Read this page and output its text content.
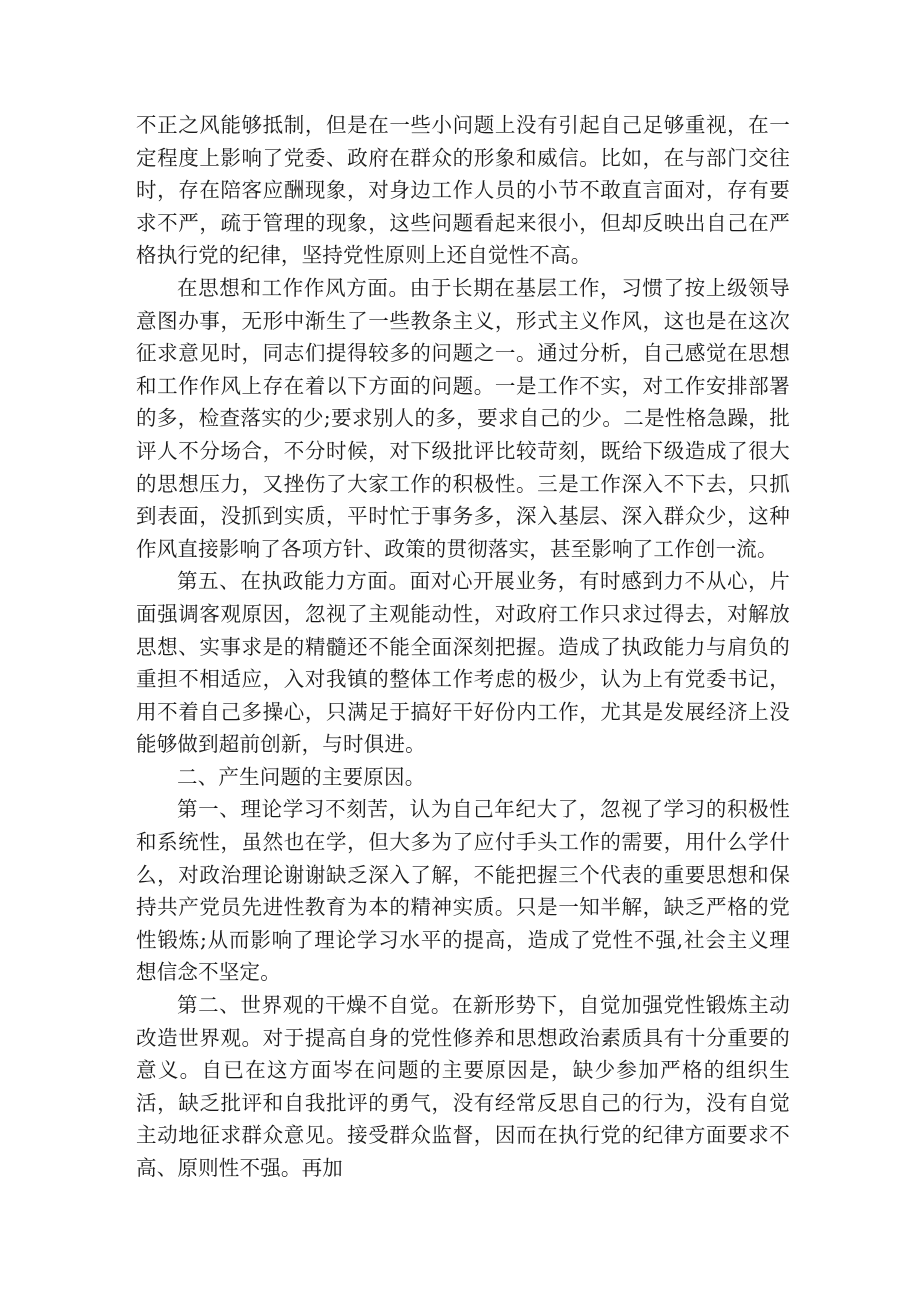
不正之风能够抵制，但是在一些小问题上没有引起自己足够重视，在一定程度上影响了党委、政府在群众的形象和威信。比如，在与部门交往时，存在陪客应酬现象，对身边工作人员的小节不敢直言面对，存有要求不严，疏于管理的现象，这些问题看起来很小，但却反映出自己在严格执行党的纪律，坚持党性原则上还自觉性不高。

在思想和工作作风方面。由于长期在基层工作，习惯了按上级领导意图办事，无形中渐生了一些教条主义，形式主义作风，这也是在这次征求意见时，同志们提得较多的问题之一。通过分析，自己感觉在思想和工作作风上存在着以下方面的问题。一是工作不实，对工作安排部署的多，检查落实的少;要求别人的多，要求自己的少。二是性格急躁，批评人不分场合，不分时候，对下级批评比较苛刻，既给下级造成了很大的思想压力，又挫伤了大家工作的积极性。三是工作深入不下去，只抓到表面，没抓到实质，平时忙于事务多，深入基层、深入群众少，这种作风直接影响了各项方针、政策的贯彻落实，甚至影响了工作创一流。

第五、在执政能力方面。面对心开展业务，有时感到力不从心，片面强调客观原因，忽视了主观能动性，对政府工作只求过得去，对解放思想、实事求是的精髓还不能全面深刻把握。造成了执政能力与肩负的重担不相适应，入对我镇的整体工作考虑的极少，认为上有党委书记，用不着自己多操心，只满足于搞好干好份内工作，尤其是发展经济上没能够做到超前创新，与时俱进。

二、产生问题的主要原因。

第一、理论学习不刻苦，认为自己年纪大了，忽视了学习的积极性和系统性，虽然也在学，但大多为了应付手头工作的需要，用什么学什么，对政治理论谢谢缺乏深入了解，不能把握三个代表的重要思想和保持共产党员先进性教育为本的精神实质。只是一知半解，缺乏严格的党性锻炼;从而影响了理论学习水平的提高，造成了党性不强,社会主义理想信念不坚定。

第二、世界观的干燥不自觉。在新形势下，自觉加强党性锻炼主动改造世界观。对于提高自身的党性修养和思想政治素质具有十分重要的意义。自已在这方面岑在问题的主要原因是，缺少参加严格的组织生活，缺乏批评和自我批评的勇气，没有经常反思自己的行为，没有自觉主动地征求群众意见。接受群众监督，因而在执行党的纪律方面要求不高、原则性不强。再加
